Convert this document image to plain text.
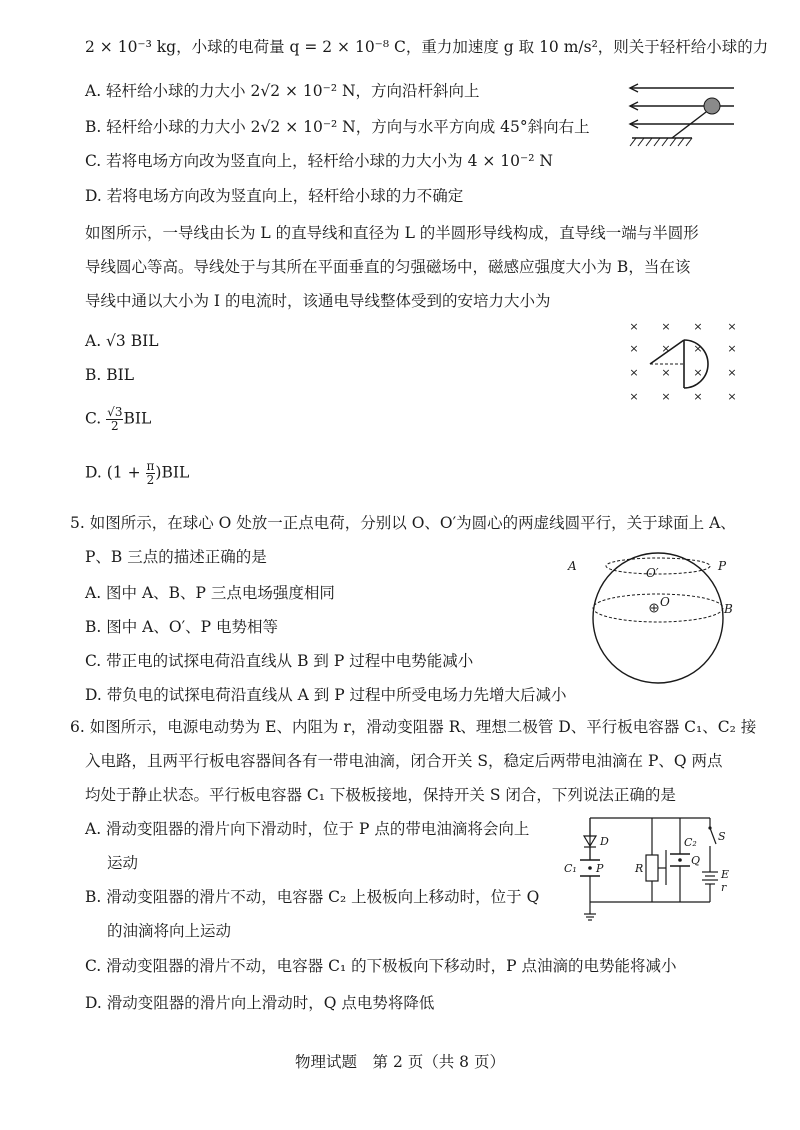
2 × 10⁻³ kg，小球的电荷量 q = 2 × 10⁻⁸ C，重力加速度 g 取 10 m/s²，则关于轻杆给小球的力
A. 轻杆给小球的力大小 2√2 × 10⁻² N，方向沿杆斜向上
B. 轻杆给小球的力大小 2√2 × 10⁻² N，方向与水平方向成 45°斜向右上
C. 若将电场方向改为竖直向上，轻杆给小球的力大小为 4 × 10⁻² N
D. 若将电场方向改为竖直向上，轻杆给小球的力不确定
如图所示，一导线由长为 L 的直导线和直径为 L 的半圆形导线构成，直导线一端与半圆形
导线圆心等高。导线处于与其所在平面垂直的匀强磁场中，磁感应强度大小为 B，当在该
导线中通以大小为 I 的电流时，该通电导线整体受到的安培力大小为
A. √3 BIL
B. BIL
C. $\frac{√3}{2}$ BIL
D. $(1 + \frac{\pi}{2} )BIL$
× × × ×
× × × ×
× × × ×
× × × ×
5. 如图所示，在球心 O 处放一正点电荷，分别以 O、O′为圆心的两虚线圆平行，关于球面上 A、
P、B 三点的描述正确的是
A. 图中 A、B、P 三点电场强度相同
B. 图中 A、O′、P 电势相等
C. 带正电的试探电荷沿直线从 B 到 P 过程中电势能减小
D. 带负电的试探电荷沿直线从 A 到 P 过程中所受电场力先增大后减小
A	P
O′
O	B
6. 如图所示，电源电动势为 E、内阻为 r，滑动变阻器 R、理想二极管 D、平行板电容器 C₁、C₂ 接
入电路，且两平行板电容器间各有一带电油滴，闭合开关 S，稳定后两带电油滴在 P、Q 两点
均处于静止状态。平行板电容器 C₁ 下极板接地，保持开关 S 闭合，下列说法正确的是
A. 滑动变阻器的滑片向下滑动时，位于 P 点的带电油滴将会向上
运动
B. 滑动变阻器的滑片不动，电容器 C₂ 上极板向上移动时，位于 Q
的油滴将向上运动
C. 滑动变阻器的滑片不动，电容器 C₁ 的下极板向下移动时，P 点油滴的电势能将减小
D. 滑动变阻器的滑片向上滑动时，Q 点电势将降低
D
C₁ P	R
C₂
Q
S
E
r
物理试题　第 2 页（共 8 页）
